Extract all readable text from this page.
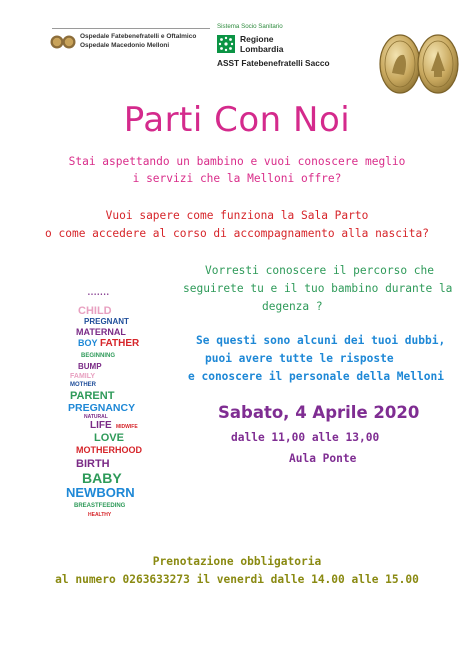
Ospedale Fatebenefratelli e Oftalmico
Ospedale Macedonio Melloni
Sistema Socio Sanitario
Regione
Lombardia
ASST Fatebenefratelli Sacco
Parti Con Noi
Stai aspettando un bambino e vuoi conoscere meglio
i servizi che la Melloni offre?
Vuoi sapere come funziona la Sala Parto
o come accedere al corso di accompagnamento alla nascita?
Vorresti conoscere il percorso che
seguirete tu e il tuo bambino durante la
degenza ?
Se questi sono alcuni dei tuoi dubbi,
puoi avere tutte le risposte
e conoscere il personale della Melloni
Sabato, 4 Aprile 2020
dalle 11,00 alle 13,00
Aula Ponte
Prenotazione obbligatoria
al numero 0263633273 il venerdì dalle 14.00 alle 15.00
• • • • • • •
CHILD
PREGNANT
MATERNAL
BOY FATHER
BEGINNING
BUMP
FAMILY
MOTHER
PARENT
PREGNANCY
NATURAL
LIFE MIDWIFE
LOVE
MOTHERHOOD
BIRTH
BABY
NEWBORN
BREASTFEEDING
HEALTHY
